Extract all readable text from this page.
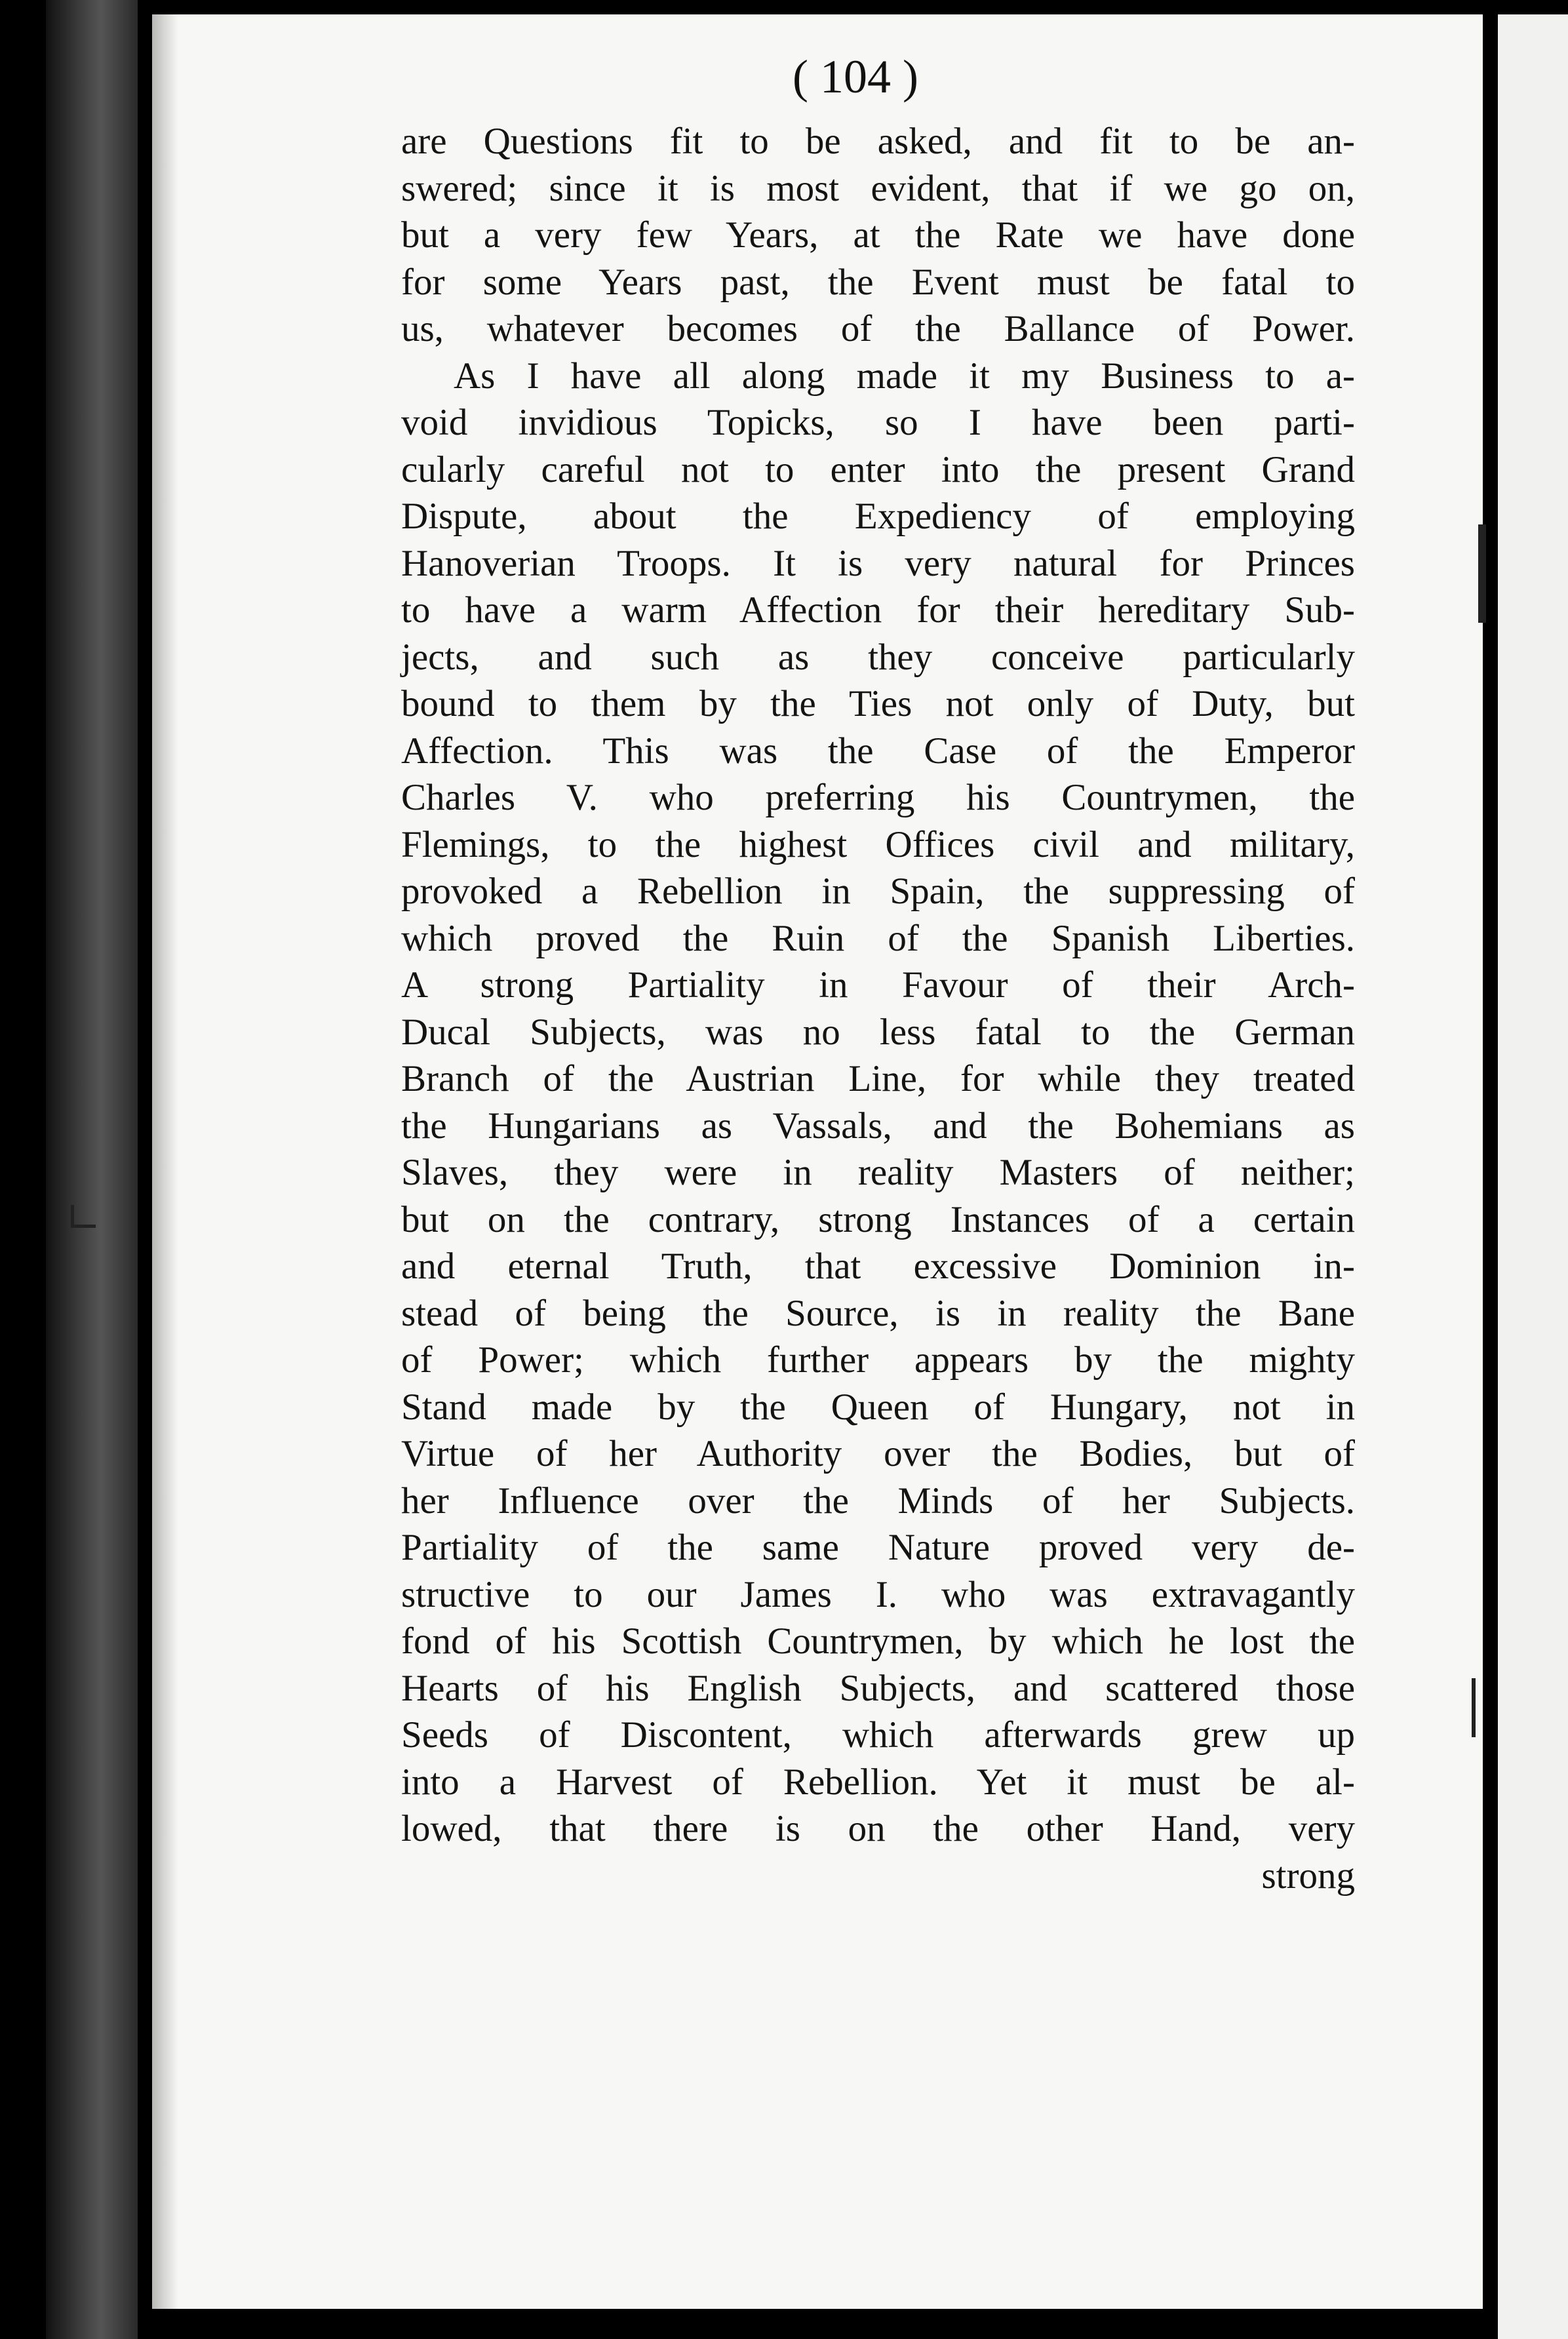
( 104 )
are Questions fit to be asked, and fit to be an-
swered; since it is most evident, that if we go on,
but a very few Years, at the Rate we have done
for some Years past, the Event must be fatal to
us, whatever becomes of the Ballance of Power.
As I have all along made it my Business to a-
void invidious Topicks, so I have been parti-
cularly careful not to enter into the present Grand
Dispute, about the Expediency of employing
Hanoverian Troops. It is very natural for Princes
to have a warm Affection for their hereditary Sub-
jects, and such as they conceive particularly
bound to them by the Ties not only of Duty, but
Affection. This was the Case of the Emperor
Charles V. who preferring his Countrymen, the
Flemings, to the highest Offices civil and military,
provoked a Rebellion in Spain, the suppressing of
which proved the Ruin of the Spanish Liberties.
A strong Partiality in Favour of their Arch-
Ducal Subjects, was no less fatal to the German
Branch of the Austrian Line, for while they treated
the Hungarians as Vassals, and the Bohemians as
Slaves, they were in reality Masters of neither;
but on the contrary, strong Instances of a certain
and eternal Truth, that excessive Dominion in-
stead of being the Source, is in reality the Bane
of Power; which further appears by the mighty
Stand made by the Queen of Hungary, not in
Virtue of her Authority over the Bodies, but of
her Influence over the Minds of her Subjects.
Partiality of the same Nature proved very de-
structive to our James I. who was extravagantly
fond of his Scottish Countrymen, by which he lost the
Hearts of his English Subjects, and scattered those
Seeds of Discontent, which afterwards grew up
into a Harvest of Rebellion. Yet it must be al-
lowed, that there is on the other Hand, very
strong
